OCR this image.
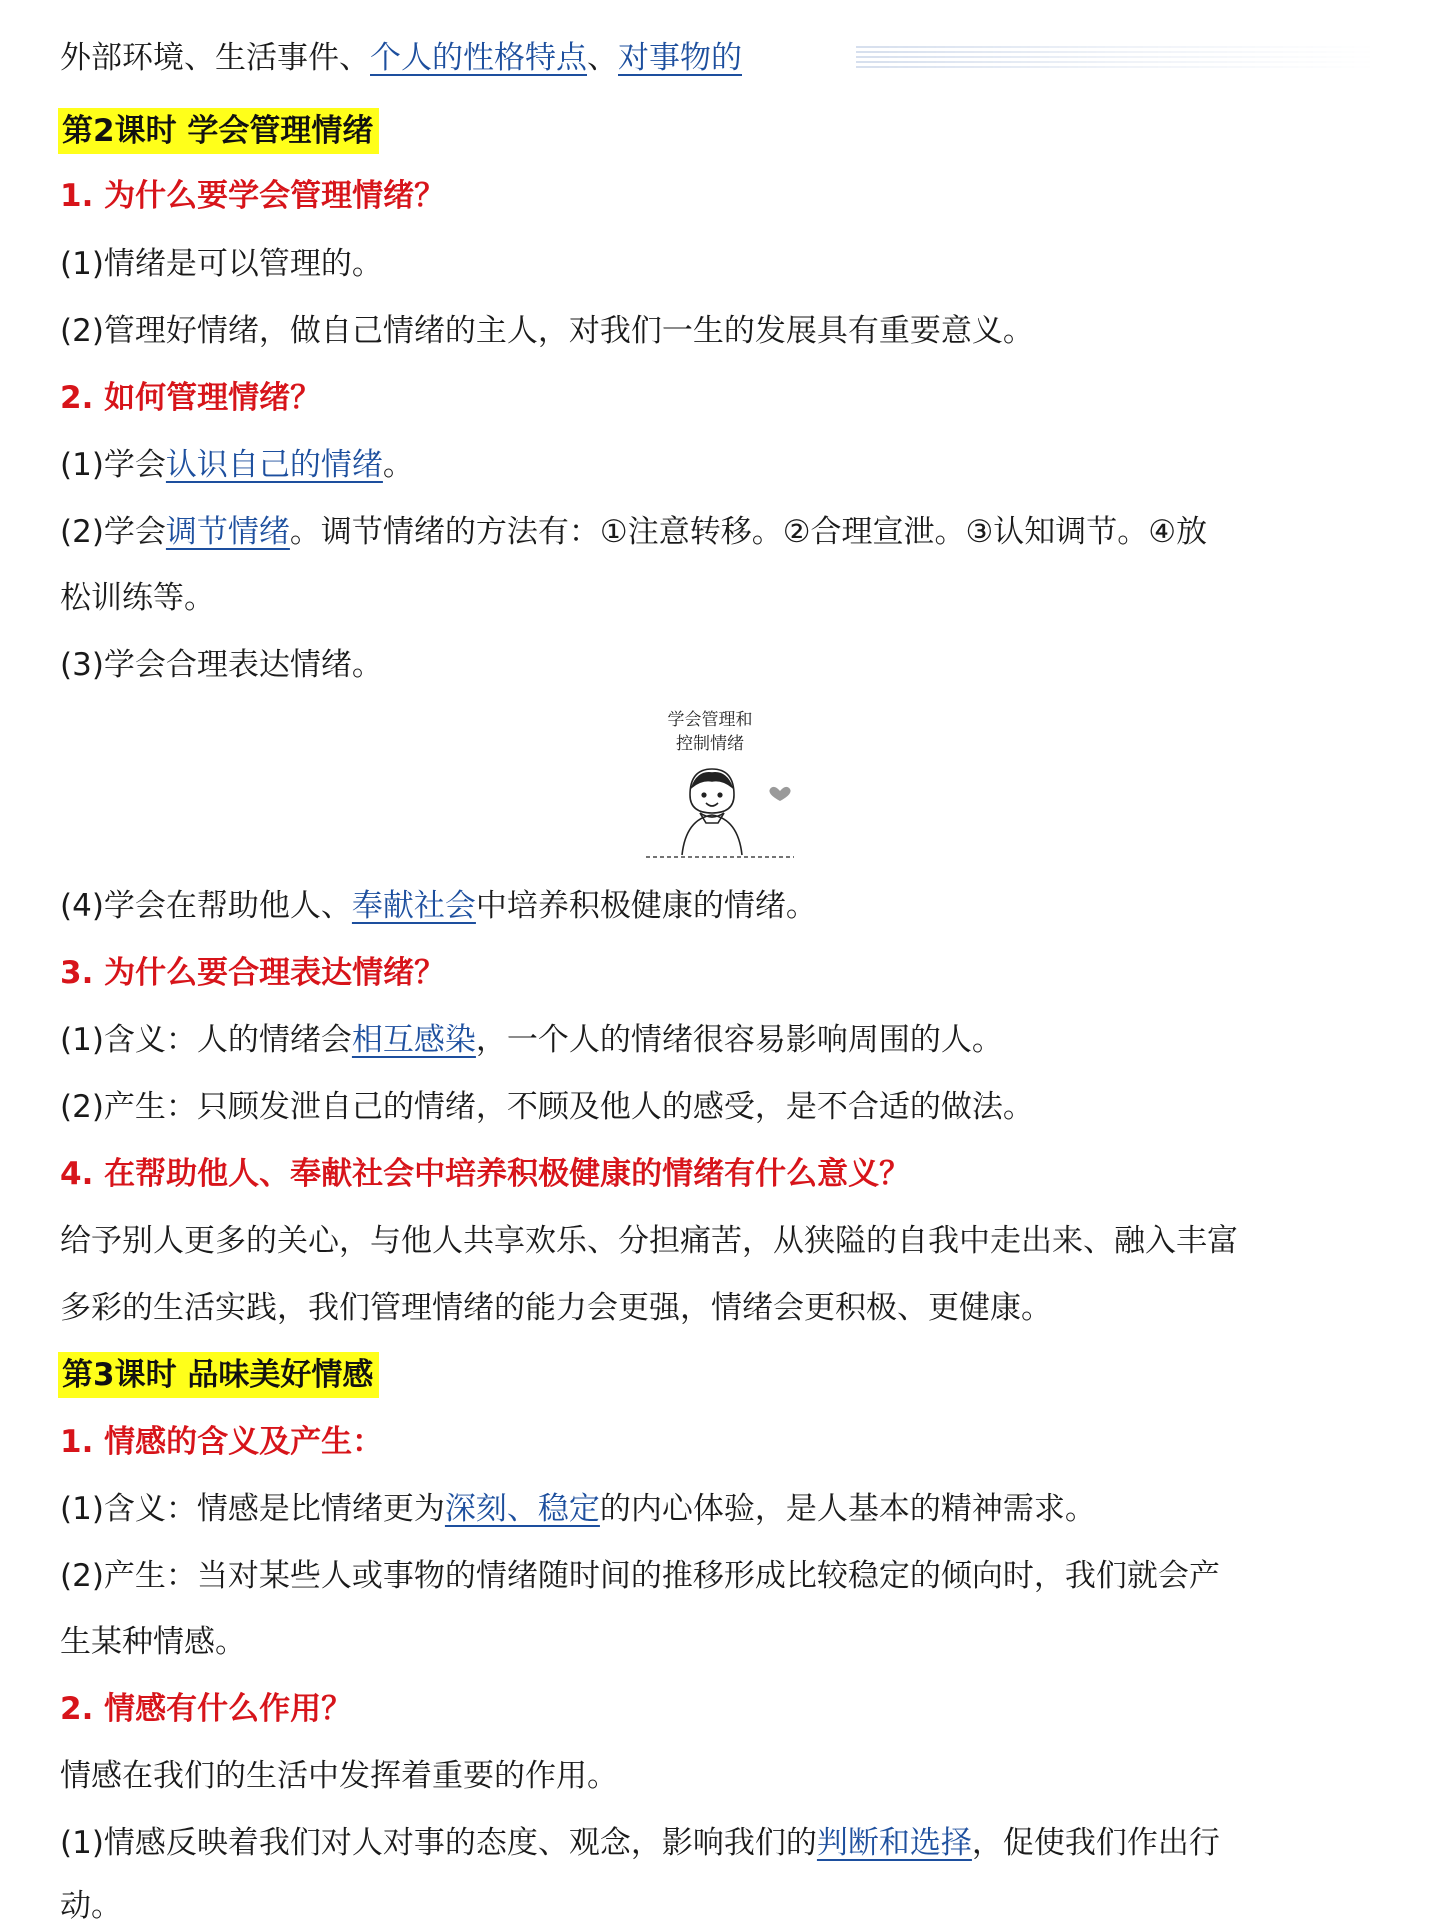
外部环境、生活事件、个人的性格特点、对事物的
第2课时 学会管理情绪
1. 为什么要学会管理情绪？
(1)情绪是可以管理的。
(2)管理好情绪，做自己情绪的主人，对我们一生的发展具有重要意义。
2. 如何管理情绪？
(1)学会认识自己的情绪。
(2)学会调节情绪。调节情绪的方法有：①注意转移。②合理宣泄。③认知调节。④放
松训练等。
(3)学会合理表达情绪。
学会管理和
控制情绪
(4)学会在帮助他人、奉献社会中培养积极健康的情绪。
3. 为什么要合理表达情绪？
(1)含义：人的情绪会相互感染，一个人的情绪很容易影响周围的人。
(2)产生：只顾发泄自己的情绪，不顾及他人的感受，是不合适的做法。
4. 在帮助他人、奉献社会中培养积极健康的情绪有什么意义？
给予别人更多的关心，与他人共享欢乐、分担痛苦，从狭隘的自我中走出来、融入丰富
多彩的生活实践，我们管理情绪的能力会更强，情绪会更积极、更健康。
第3课时 品味美好情感
1. 情感的含义及产生：
(1)含义：情感是比情绪更为深刻、稳定的内心体验，是人基本的精神需求。
(2)产生：当对某些人或事物的情绪随时间的推移形成比较稳定的倾向时，我们就会产
生某种情感。
2. 情感有什么作用？
情感在我们的生活中发挥着重要的作用。
(1)情感反映着我们对人对事的态度、观念，影响我们的判断和选择，促使我们作出行
动。
